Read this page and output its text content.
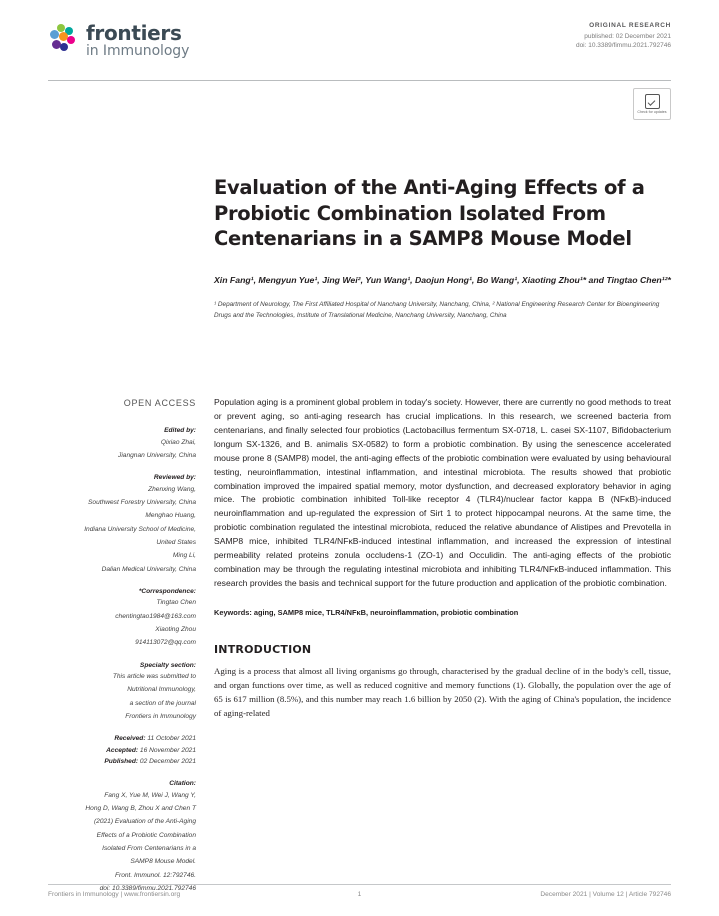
frontiers
in Immunology
ORIGINAL RESEARCH
published: 02 December 2021
doi: 10.3389/fimmu.2021.792746
Check for updates
Evaluation of the Anti-Aging Effects of a Probiotic Combination Isolated From Centenarians in a SAMP8 Mouse Model
Xin Fang¹, Mengyun Yue¹, Jing Wei², Yun Wang¹, Daojun Hong¹, Bo Wang¹, Xiaoting Zhou¹* and Tingtao Chen¹²*
¹ Department of Neurology, The First Affiliated Hospital of Nanchang University, Nanchang, China, ² National Engineering Research Center for Bioengineering Drugs and the Technologies, Institute of Translational Medicine, Nanchang University, Nanchang, China
OPEN ACCESS
Edited by:
Qixiao Zhai,
Jiangnan University, China
Reviewed by:
Zhenxing Wang,
Southwest Forestry University, China
Menghao Huang,
Indiana University School of Medicine,
United States
Ming Li,
Dalian Medical University, China
*Correspondence:
Tingtao Chen
chentingtao1984@163.com
Xiaoting Zhou
914113072@qq.com
Specialty section:
This article was submitted to
Nutritional Immunology,
a section of the journal
Frontiers in Immunology
Received: 11 October 2021
Accepted: 16 November 2021
Published: 02 December 2021
Citation:
Fang X, Yue M, Wei J, Wang Y,
Hong D, Wang B, Zhou X and Chen T
(2021) Evaluation of the Anti-Aging
Effects of a Probiotic Combination
Isolated From Centenarians in a
SAMP8 Mouse Model.
Front. Immunol. 12:792746.
doi: 10.3389/fimmu.2021.792746
Population aging is a prominent global problem in today's society. However, there are currently no good methods to treat or prevent aging, so anti-aging research has crucial implications. In this research, we screened bacteria from centenarians, and finally selected four probiotics (Lactobacillus fermentum SX-0718, L. casei SX-1107, Bifidobacterium longum SX-1326, and B. animalis SX-0582) to form a probiotic combination. By using the senescence accelerated mouse prone 8 (SAMP8) model, the anti-aging effects of the probiotic combination were evaluated by using behavioural testing, neuroinflammation, intestinal inflammation, and intestinal microbiota. The results showed that probiotic combination improved the impaired spatial memory, motor dysfunction, and decreased exploratory behavior in aging mice. The probiotic combination inhibited Toll-like receptor 4 (TLR4)/nuclear factor kappa B (NFκB)-induced neuroinflammation and up-regulated the expression of Sirt 1 to protect hippocampal neurons. At the same time, the probiotic combination regulated the intestinal microbiota, reduced the relative abundance of Alistipes and Prevotella in SAMP8 mice, inhibited TLR4/NFκB-induced intestinal inflammation, and increased the expression of intestinal permeability related proteins zonula occludens-1 (ZO-1) and Occulidin. The anti-aging effects of the probiotic combination may be through the regulating intestinal microbiota and inhibiting TLR4/NFκB-induced inflammation. This research provides the basis and technical support for the future production and application of the probiotic combination.
Keywords: aging, SAMP8 mice, TLR4/NFκB, neuroinflammation, probiotic combination
INTRODUCTION
Aging is a process that almost all living organisms go through, characterised by the gradual decline of in the body's cell, tissue, and organ functions over time, as well as reduced cognitive and memory functions (1). Globally, the population over the age of 65 is 617 million (8.5%), and this number may reach 1.6 billion by 2050 (2). With the aging of China's population, the incidence of aging-related
Frontiers in Immunology | www.frontiersin.org	1	December 2021 | Volume 12 | Article 792746
